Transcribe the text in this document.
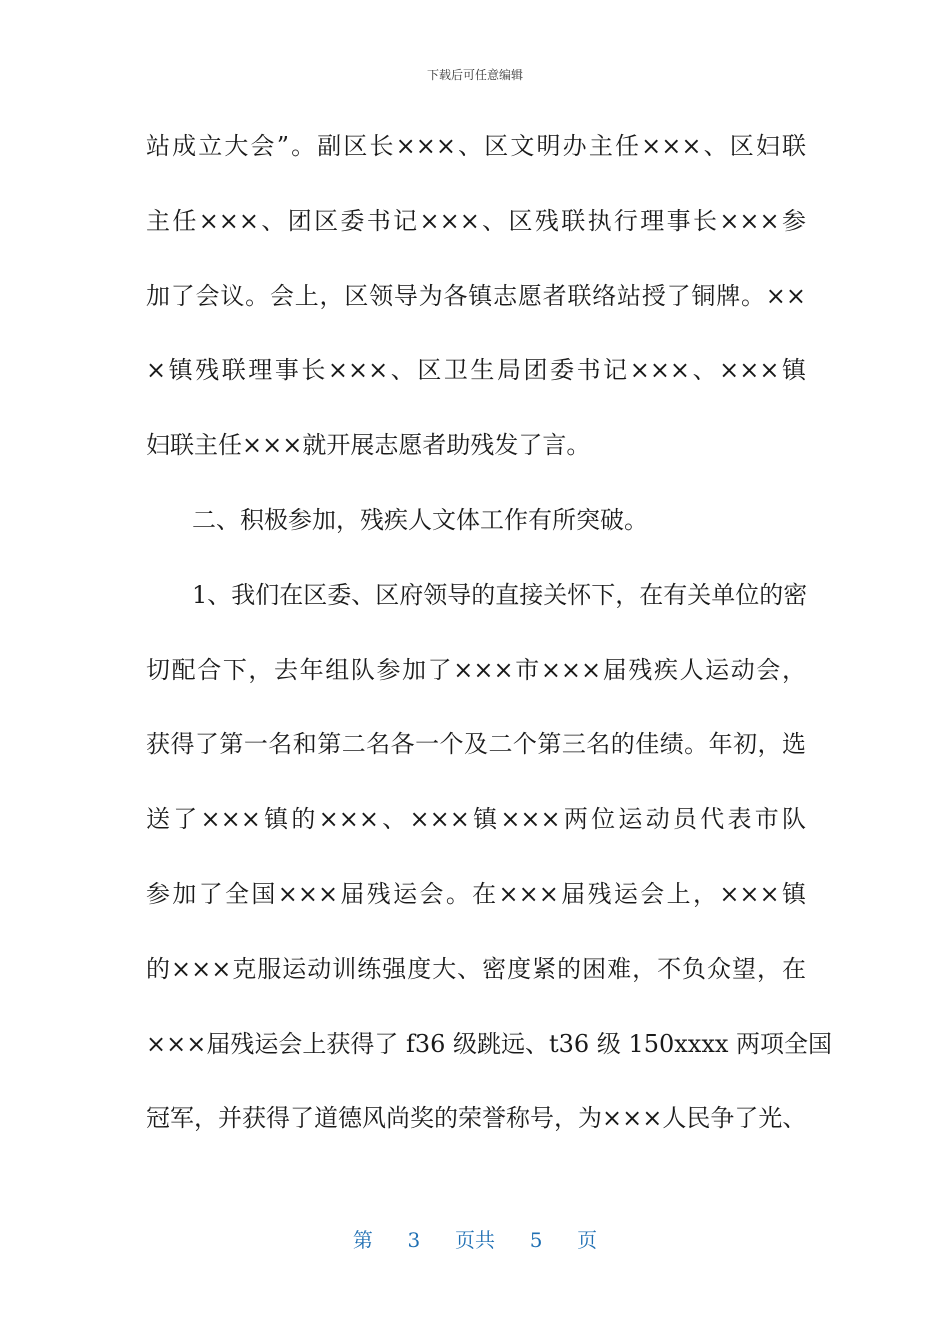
下载后可任意编辑
站成立大会”。副区长×××、区文明办主任×××、区妇联
主任×××、团区委书记×××、区残联执行理事长×××参
加了会议。会上，区领导为各镇志愿者联络站授了铜牌。××
×镇残联理事长×××、区卫生局团委书记×××、×××镇
妇联主任×××就开展志愿者助残发了言。
二、积极参加，残疾人文体工作有所突破。
1、我们在区委、区府领导的直接关怀下，在有关单位的密
切配合下，去年组队参加了×××市×××届残疾人运动会，
获得了第一名和第二名各一个及二个第三名的佳绩。年初，选
送了×××镇的×××、×××镇×××两位运动员代表市队
参加了全国×××届残运会。在×××届残运会上，×××镇
的×××克服运动训练强度大、密度紧的困难，不负众望，在
×××届残运会上获得了 f36 级跳远、t36 级 150xxxx 两项全国
冠军，并获得了道德风尚奖的荣誉称号，为×××人民争了光、
第 3 页共 5 页
